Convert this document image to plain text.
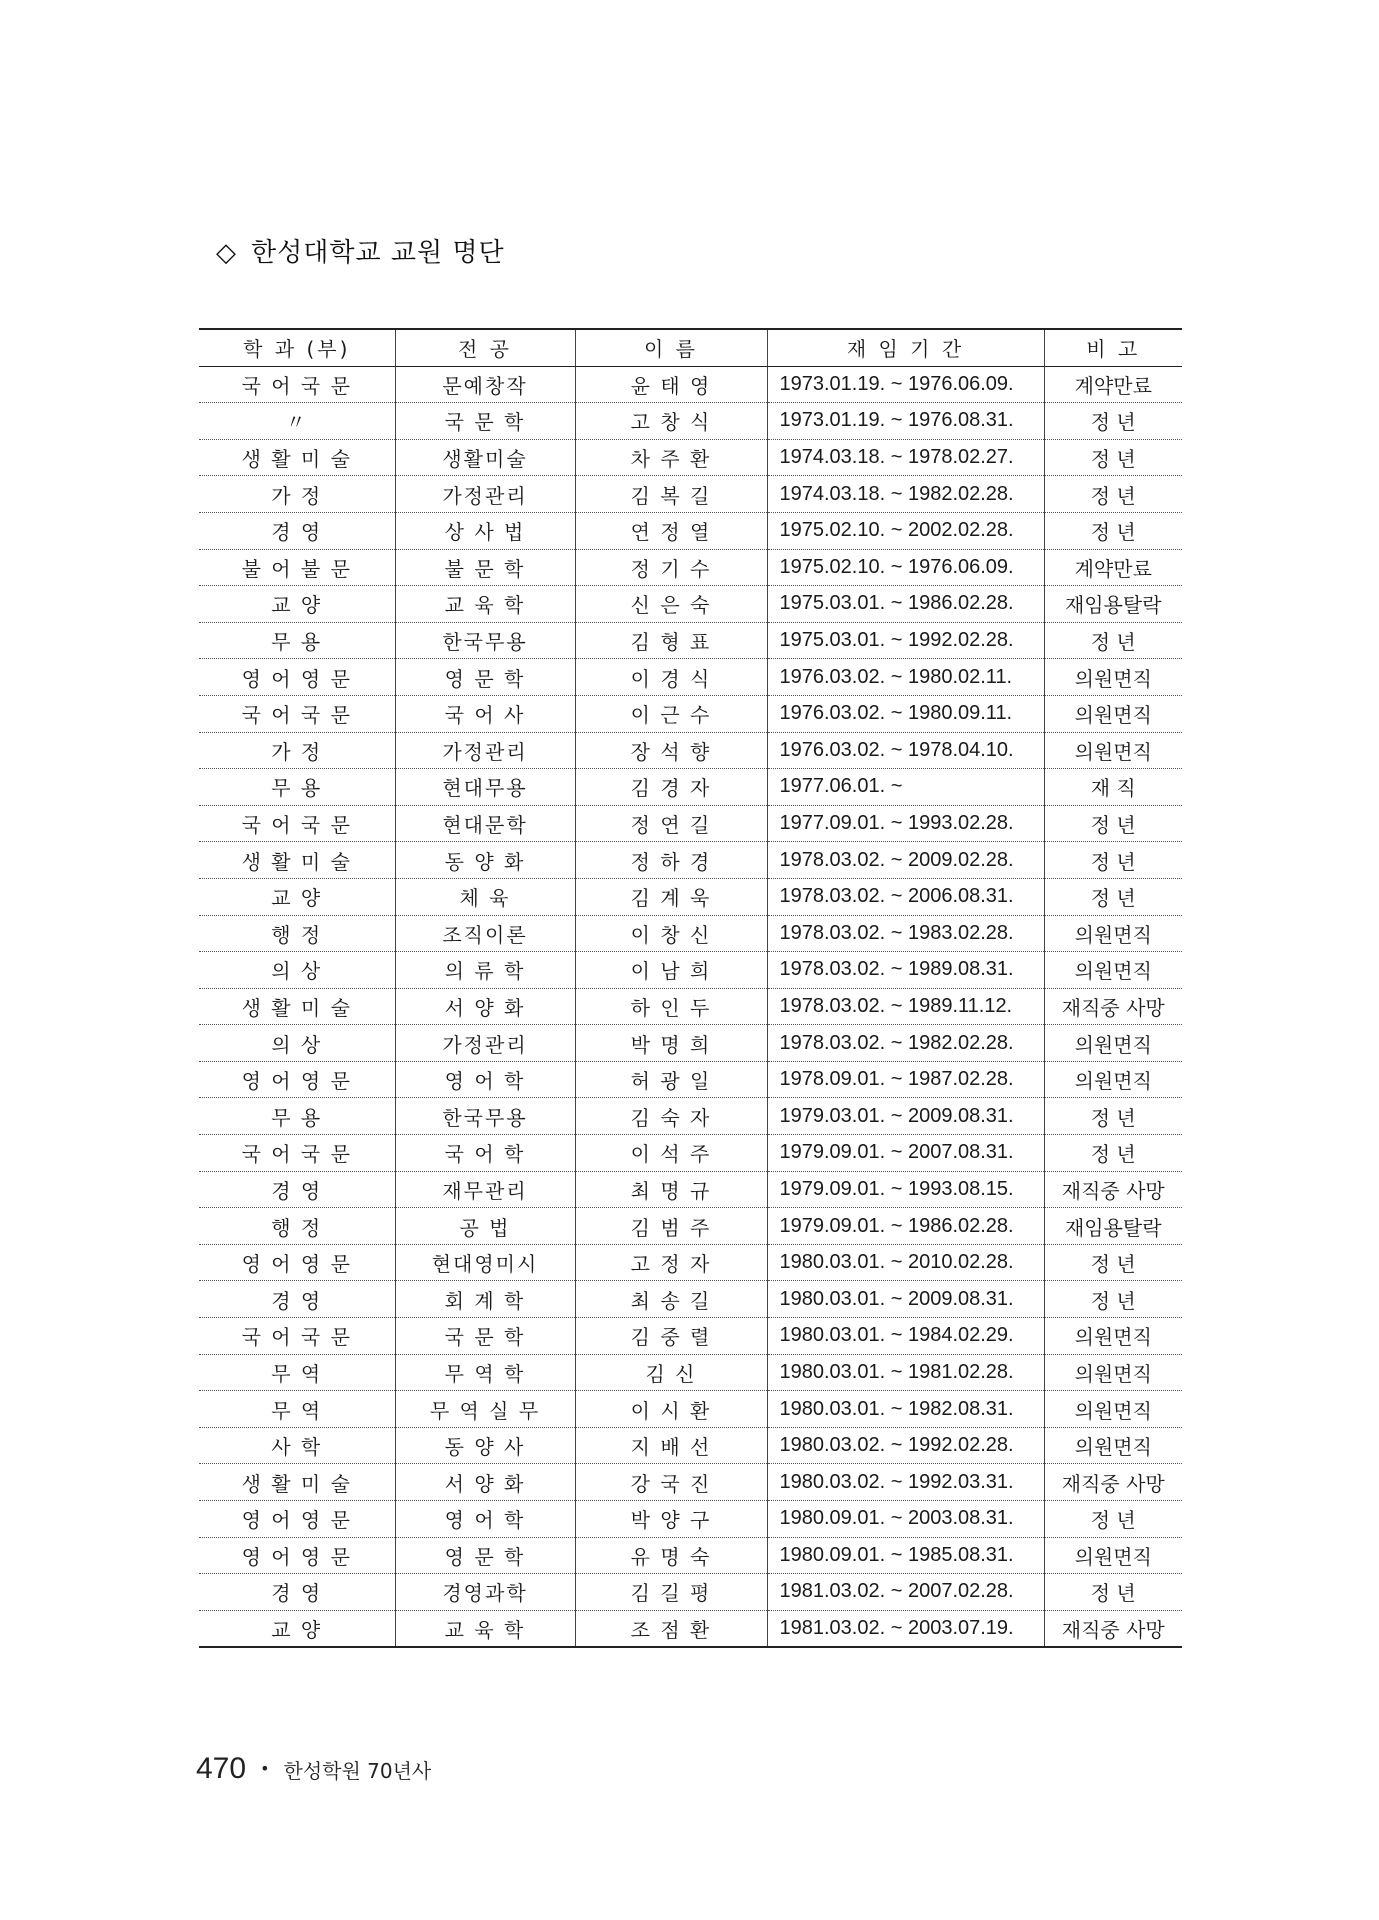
◇ 한성대학교 교원 명단
학 과 (부)	전 공	이 름	재 임 기 간	비 고
국 어 국 문	문예창작	윤 태 영	1973.01.19. ~ 1976.06.09.	계약만료
〃	국 문 학	고 창 식	1973.01.19. ~ 1976.08.31.	정 년
생 활 미 술	생활미술	차 주 환	1974.03.18. ~ 1978.02.27.	정 년
가 정	가정관리	김 복 길	1974.03.18. ~ 1982.02.28.	정 년
경 영	상 사 법	연 정 열	1975.02.10. ~ 2002.02.28.	정 년
불 어 불 문	불 문 학	정 기 수	1975.02.10. ~ 1976.06.09.	계약만료
교 양	교 육 학	신 은 숙	1975.03.01. ~ 1986.02.28.	재임용탈락
무 용	한국무용	김 형 표	1975.03.01. ~ 1992.02.28.	정 년
영 어 영 문	영 문 학	이 경 식	1976.03.02. ~ 1980.02.11.	의원면직
국 어 국 문	국 어 사	이 근 수	1976.03.02. ~ 1980.09.11.	의원면직
가 정	가정관리	장 석 향	1976.03.02. ~ 1978.04.10.	의원면직
무 용	현대무용	김 경 자	1977.06.01. ~	재 직
국 어 국 문	현대문학	정 연 길	1977.09.01. ~ 1993.02.28.	정 년
생 활 미 술	동 양 화	정 하 경	1978.03.02. ~ 2009.02.28.	정 년
교 양	체 육	김 계 욱	1978.03.02. ~ 2006.08.31.	정 년
행 정	조직이론	이 창 신	1978.03.02. ~ 1983.02.28.	의원면직
의 상	의 류 학	이 남 희	1978.03.02. ~ 1989.08.31.	의원면직
생 활 미 술	서 양 화	하 인 두	1978.03.02. ~ 1989.11.12.	재직중 사망
의 상	가정관리	박 명 희	1978.03.02. ~ 1982.02.28.	의원면직
영 어 영 문	영 어 학	허 광 일	1978.09.01. ~ 1987.02.28.	의원면직
무 용	한국무용	김 숙 자	1979.03.01. ~ 2009.08.31.	정 년
국 어 국 문	국 어 학	이 석 주	1979.09.01. ~ 2007.08.31.	정 년
경 영	재무관리	최 명 규	1979.09.01. ~ 1993.08.15.	재직중 사망
행 정	공 법	김 범 주	1979.09.01. ~ 1986.02.28.	재임용탈락
영 어 영 문	현대영미시	고 정 자	1980.03.01. ~ 2010.02.28.	정 년
경 영	회 계 학	최 송 길	1980.03.01. ~ 2009.08.31.	정 년
국 어 국 문	국 문 학	김 중 렬	1980.03.01. ~ 1984.02.29.	의원면직
무 역	무 역 학	김 신	1980.03.01. ~ 1981.02.28.	의원면직
무 역	무 역 실 무	이 시 환	1980.03.01. ~ 1982.08.31.	의원면직
사 학	동 양 사	지 배 선	1980.03.02. ~ 1992.02.28.	의원면직
생 활 미 술	서 양 화	강 국 진	1980.03.02. ~ 1992.03.31.	재직중 사망
영 어 영 문	영 어 학	박 양 구	1980.09.01. ~ 2003.08.31.	정 년
영 어 영 문	영 문 학	유 명 숙	1980.09.01. ~ 1985.08.31.	의원면직
경 영	경영과학	김 길 평	1981.03.02. ~ 2007.02.28.	정 년
교 양	교 육 학	조 점 환	1981.03.02. ~ 2003.07.19.	재직중 사망
470 • 한성학원 70년사
